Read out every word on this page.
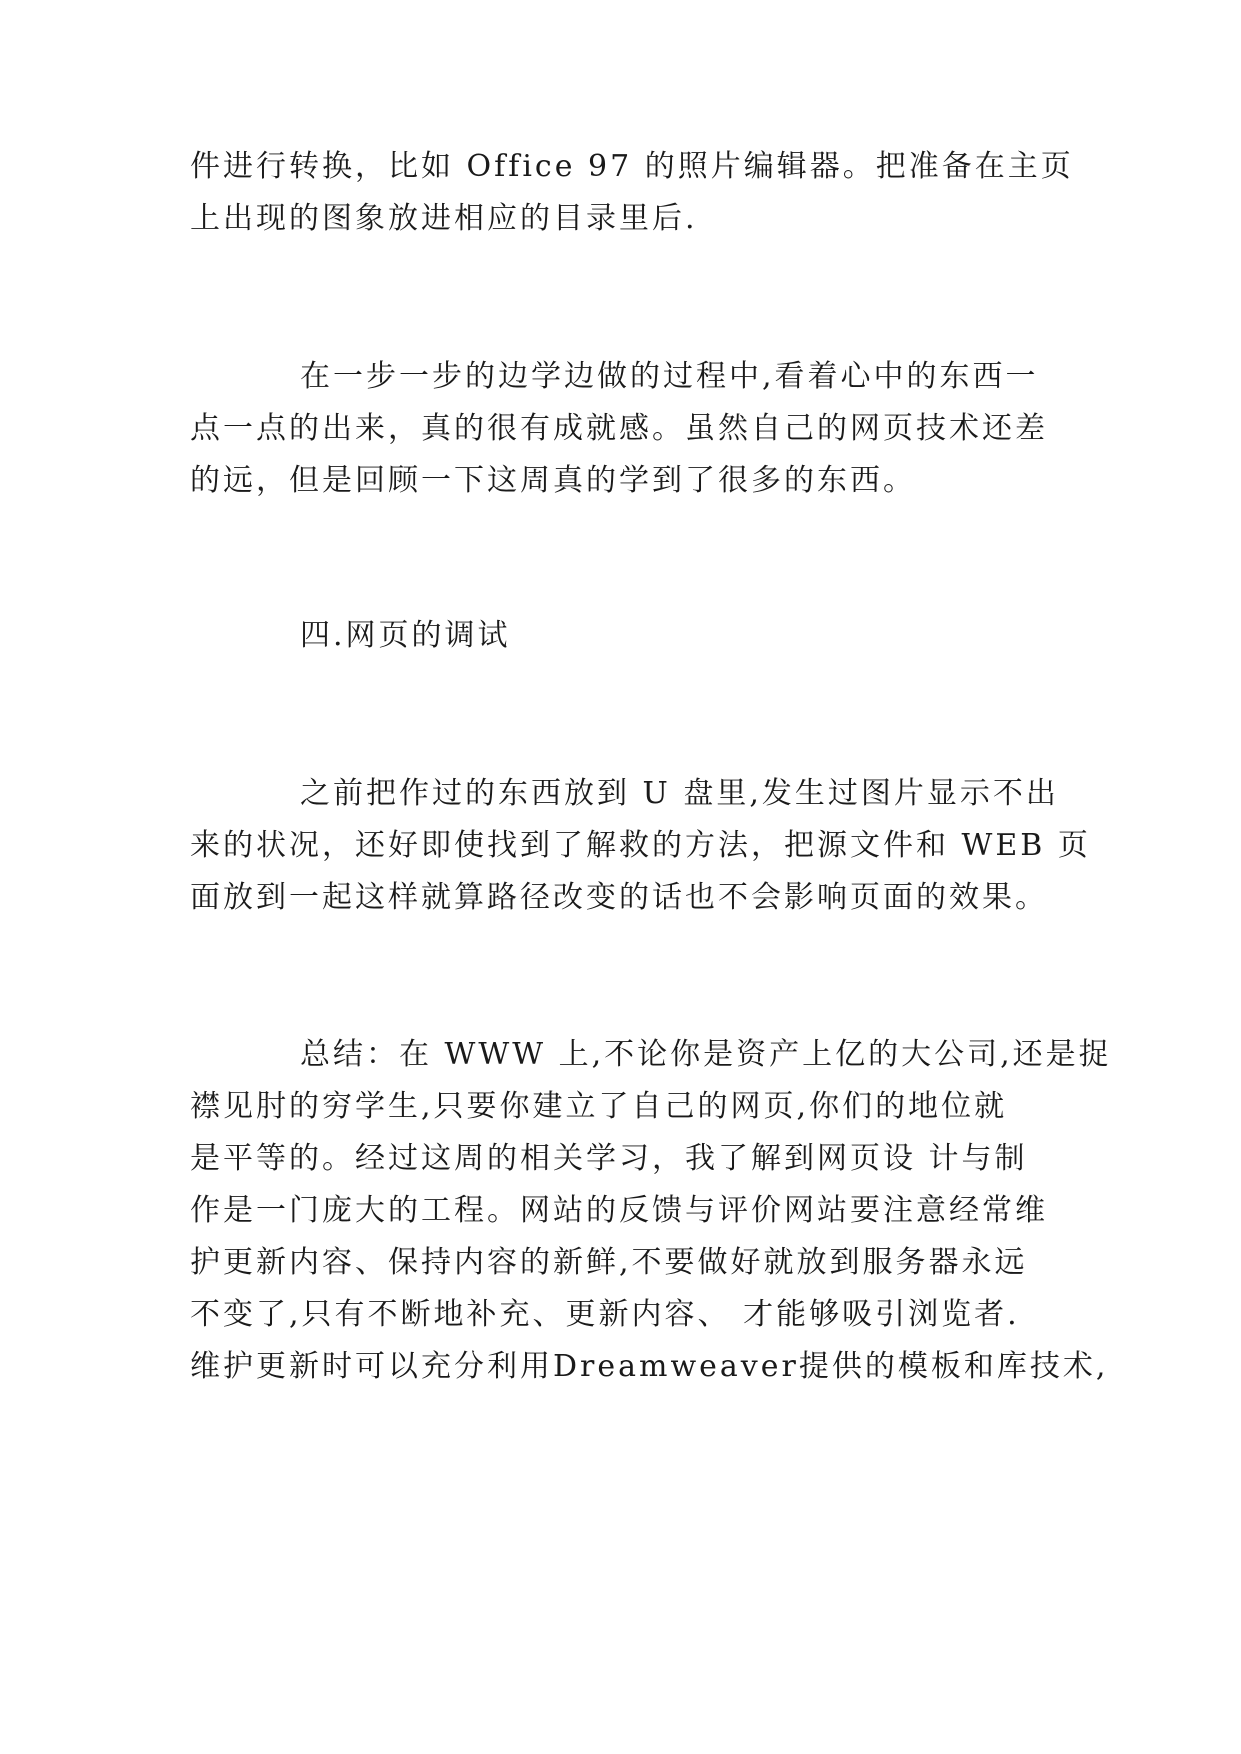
件进行转换，比如 Office 97 的照片编辑器。把准备在主页
上出现的图象放进相应的目录里后.
在一步一步的边学边做的过程中,看着心中的东西一
点一点的出来，真的很有成就感。虽然自己的网页技术还差
的远，但是回顾一下这周真的学到了很多的东西。
四.网页的调试
之前把作过的东西放到 U 盘里,发生过图片显示不出
来的状况，还好即使找到了解救的方法，把源文件和 WEB 页
面放到一起这样就算路径改变的话也不会影响页面的效果。
总结：在 WWW 上,不论你是资产上亿的大公司,还是捉
襟见肘的穷学生,只要你建立了自己的网页,你们的地位就
是平等的。经过这周的相关学习，我了解到网页设 计与制
作是一门庞大的工程。网站的反馈与评价网站要注意经常维
护更新内容、保持内容的新鲜,不要做好就放到服务器永远
不变了,只有不断地补充、更新内容、 才能够吸引浏览者.
维护更新时可以充分利用Dreamweaver提供的模板和库技术,
